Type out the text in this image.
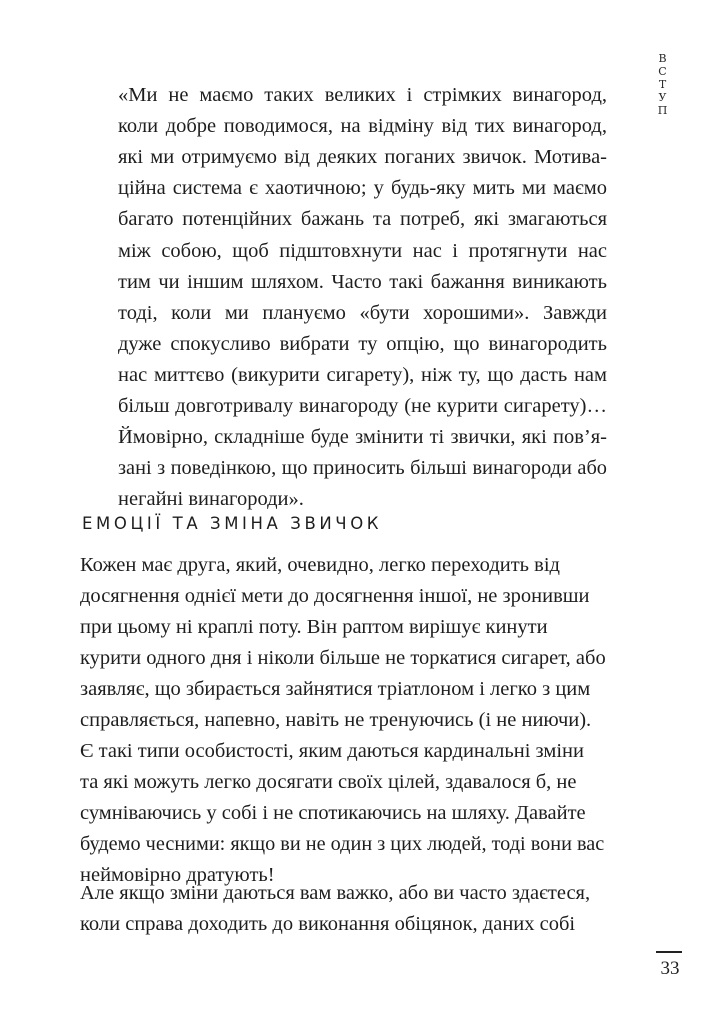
ВСТУП
«Ми не маємо таких великих і стрімких винагород,
коли добре поводимося, на відміну від тих винагород,
які ми отримуємо від деяких поганих звичок. Мотива-
ційна система є хаотичною; у будь-яку мить ми маємо
багато потенційних бажань та потреб, які змагаються
між собою, щоб підштовхнути нас і протягнути нас
тим чи іншим шляхом. Часто такі бажання виникають
тоді, коли ми плануємо «бути хорошими». Завжди
дуже спокусливо вибрати ту опцію, що винагородить
нас миттєво (викурити сигарету), ніж ту, що дасть нам
більш довготривалу винагороду (не курити сигарету)…
Ймовірно, складніше буде змінити ті звички, які пов’я-
зані з поведінкою, що приносить більші винагороди або
негайні винагороди».
ЕМОЦІЇ ТА ЗМІНА ЗВИЧОК
Кожен має друга, який, очевидно, легко переходить від
досягнення однієї мети до досягнення іншої, не зронивши
при цьому ні краплі поту. Він раптом вирішує кинути
курити одного дня і ніколи більше не торкатися сигарет, або
заявляє, що збирається зайнятися тріатлоном і легко з цим
справляється, напевно, навіть не тренуючись (і не ниючи).
Є такі типи особистості, яким даються кардинальні зміни
та які можуть легко досягати своїх цілей, здавалося б, не
сумніваючись у собі і не спотикаючись на шляху. Давайте
будемо чесними: якщо ви не один з цих людей, тоді вони вас
неймовірно дратують!
Але якщо зміни даються вам важко, або ви часто здаєтеся,
коли справа доходить до виконання обіцянок, даних собі
33
